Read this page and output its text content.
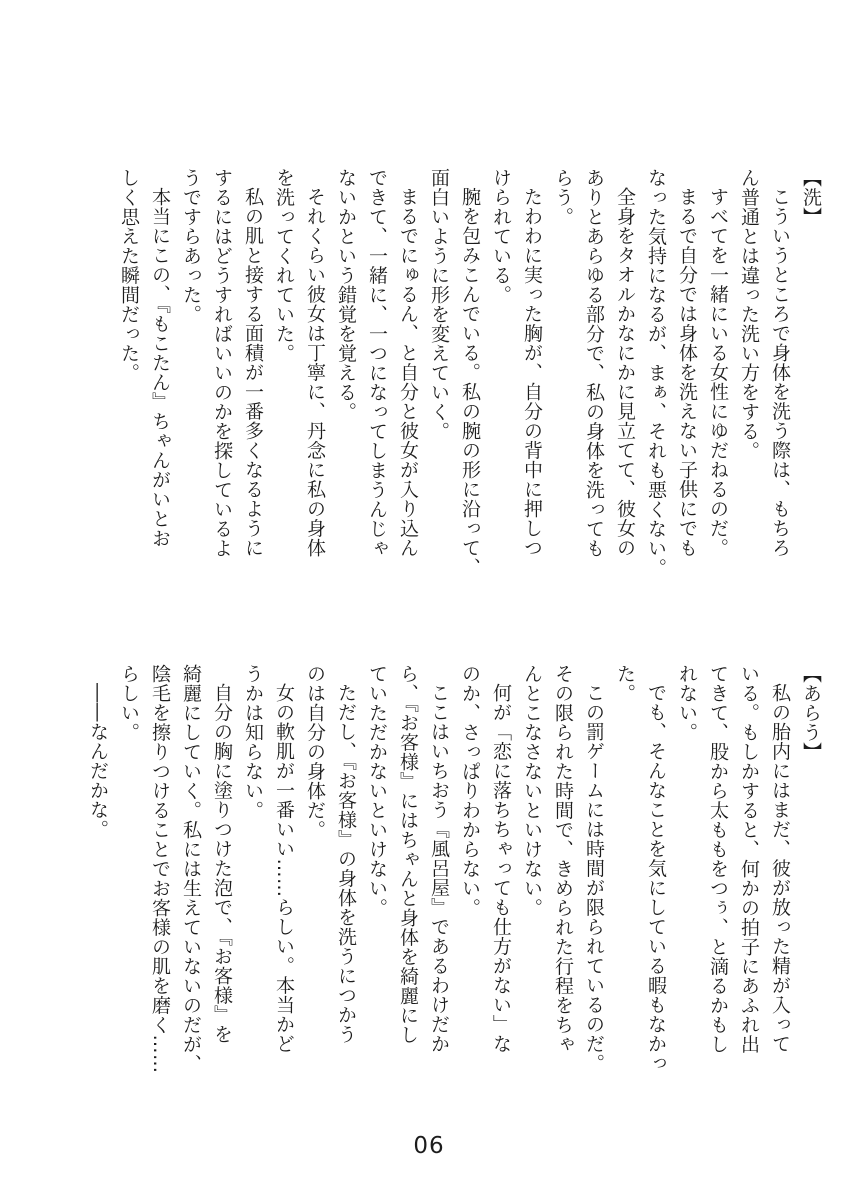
【洗】
こういうところで身体を洗う際は、もちろ
ん普通とは違った洗い方をする。
すべてを一緒にいる女性にゆだねるのだ。
まるで自分では身体を洗えない子供にでも
なった気持になるが、まぁ、それも悪くない。
全身をタオルかなにかに見立てて、彼女の
ありとあらゆる部分で、私の身体を洗っても
らう。
たわわに実った胸が、自分の背中に押しつ
けられている。
腕を包みこんでいる。私の腕の形に沿って、
面白いように形を変えていく。
まるでにゅるん、と自分と彼女が入り込ん
できて、一緒に、一つになってしまうんじゃ
ないかという錯覚を覚える。
それくらい彼女は丁寧に、丹念に私の身体
を洗ってくれていた。
私の肌と接する面積が一番多くなるように
するにはどうすればいいのかを探しているよ
うですらあった。
本当にこの、『もこたん』ちゃんがいとお
しく思えた瞬間だった。
【あらう】
私の胎内にはまだ、彼が放った精が入って
いる。もしかすると、何かの拍子にあふれ出
てきて、股から太ももをつぅ、と滴るかもし
れない。
でも、そんなことを気にしている暇もなかっ
た。
この罰ゲームには時間が限られているのだ。
その限られた時間で、きめられた行程をちゃ
んとこなさないといけない。
何が「恋に落ちちゃっても仕方がない」な
のか、さっぱりわからない。
ここはいちおう『風呂屋』であるわけだか
ら、『お客様』にはちゃんと身体を綺麗にし
ていただかないといけない。
ただし、『お客様』の身体を洗うにつかう
のは自分の身体だ。
女の軟肌が一番いい……らしい。本当かど
うかは知らない。
自分の胸に塗りつけた泡で、『お客様』を
綺麗にしていく。私には生えていないのだが、
陰毛を擦りつけることでお客様の肌を磨く……
らしい。
――なんだかな。
06
